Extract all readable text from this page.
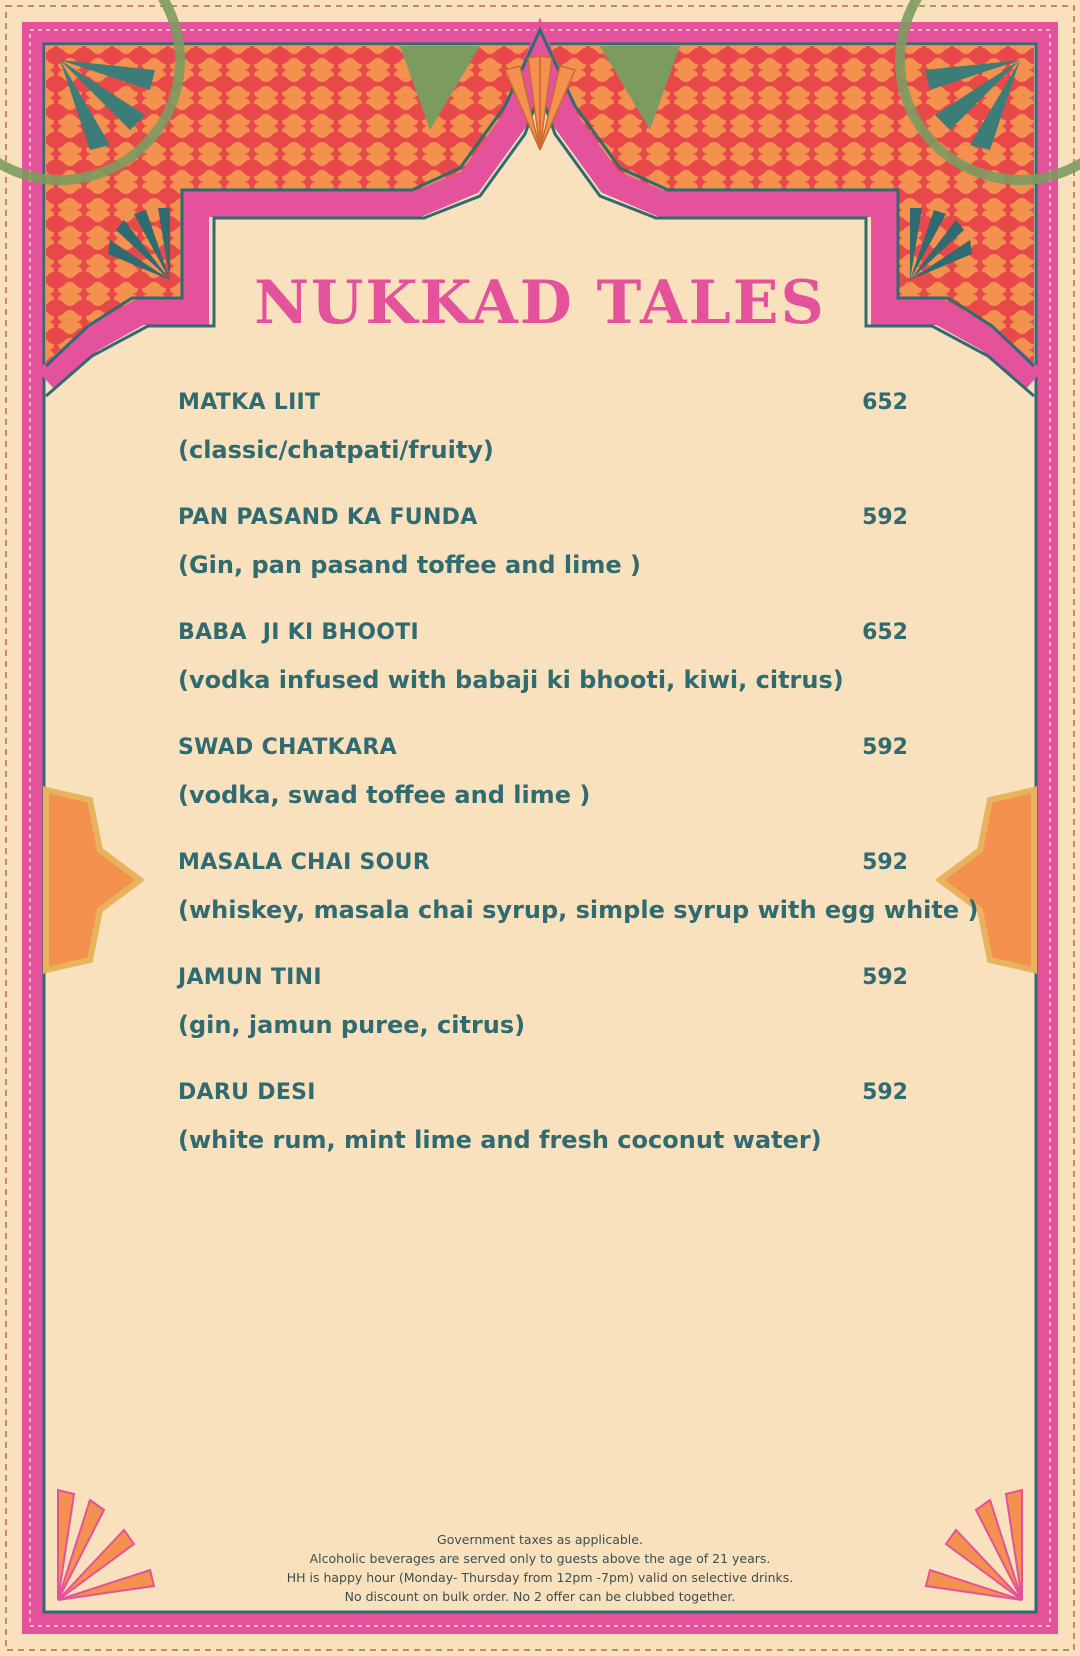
NUKKAD TALES
MATKA LIIT	652
(classic/chatpati/fruity)
PAN PASAND KA FUNDA	592
(Gin, pan pasand toffee and lime )
BABA  JI KI BHOOTI	652
(vodka infused with babaji ki bhooti, kiwi, citrus)
SWAD CHATKARA	592
(vodka, swad toffee and lime )
MASALA CHAI SOUR	592
(whiskey, masala chai syrup, simple syrup with egg white )
JAMUN TINI	592
(gin, jamun puree, citrus)
DARU DESI	592
(white rum, mint lime and fresh coconut water)
Government taxes as applicable.
Alcoholic beverages are served only to guests above the age of 21 years.
HH is happy hour (Monday- Thursday from 12pm -7pm) valid on selective drinks.
No discount on bulk order. No 2 offer can be clubbed together.
